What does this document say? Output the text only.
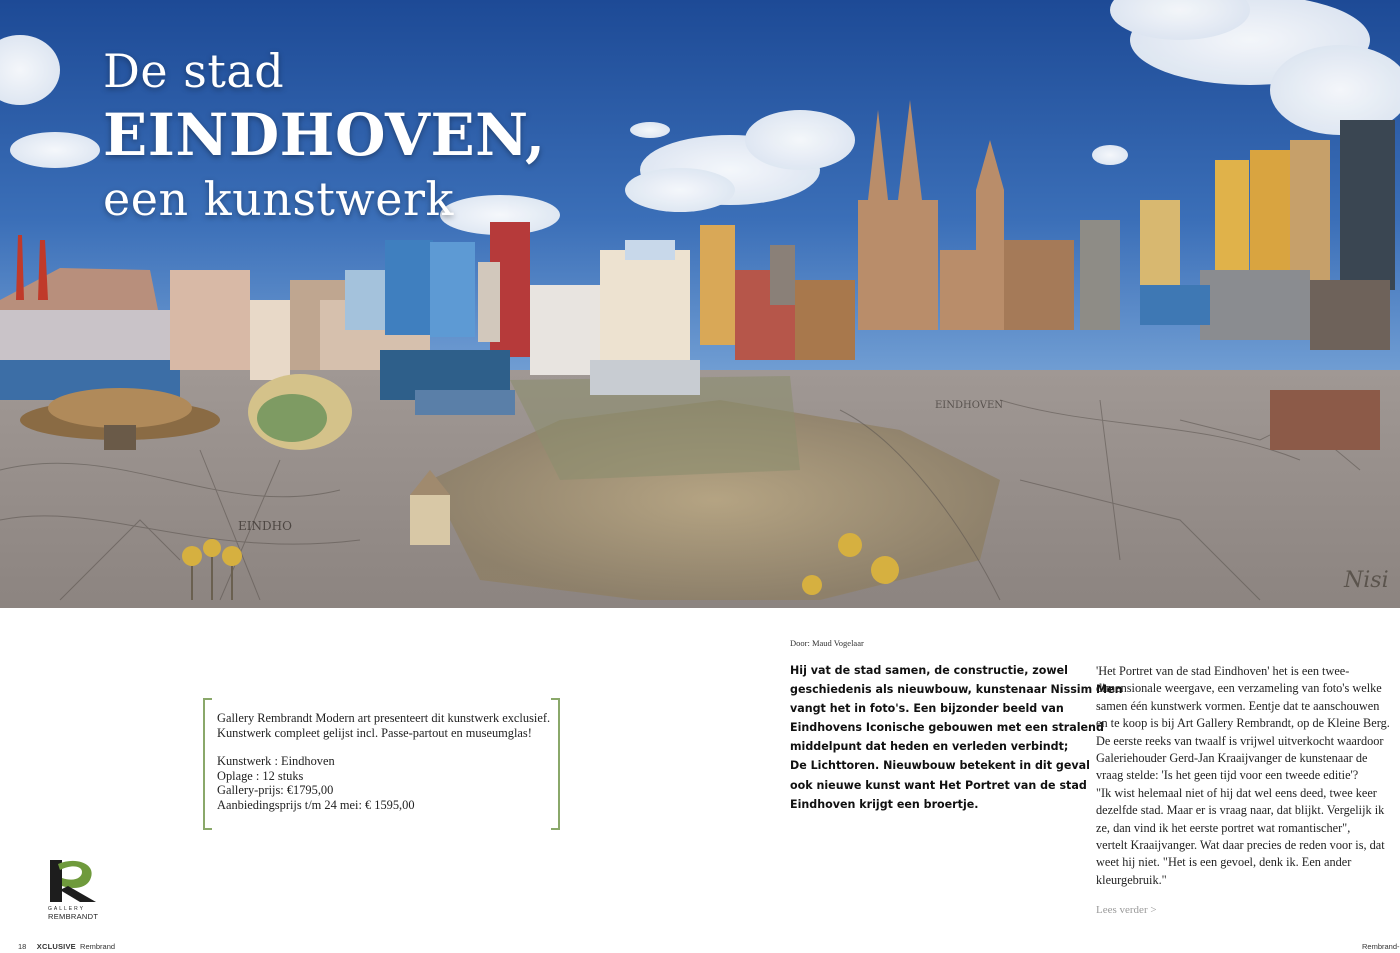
EINDHO
EINDHOVEN
De stad
EINDHOVEN,
een kunstwerk
Nisi

Gallery Rembrandt Modern art presenteert dit kunstwerk exclusief.

Kunstwerk compleet gelijst incl. Passe-partout en museumglas!

Kunstwerk : Eindhoven

Oplage : 12 stuks

Gallery-prijs: €1795,00

Aanbiedingsprijs t/m 24 mei: € 1595,00

GALLERY
REMBRANDT
18 XCLUSIVE Rembrand	Rembrand-
Door: Maud Vogelaar

Hij vat de stad samen, de constructie, zowel

geschiedenis als nieuwbouw, kunstenaar Nissim Men

vangt het in foto's. Een bijzonder beeld van

Eindhovens Iconische gebouwen met een stralend

middelpunt dat heden en verleden verbindt;

De Lichttoren. Nieuwbouw betekent in dit geval

ook nieuwe kunst want Het Portret van de stad

Eindhoven krijgt een broertje.

'Het Portret van de stad Eindhoven' het is een twee-

dimensionale weergave, een verzameling van foto's welke

samen één kunstwerk vormen. Eentje dat te aanschouwen

en te koop is bij Art Gallery Rembrandt, op de Kleine Berg.

De eerste reeks van twaalf is vrijwel uitverkocht waardoor

Galeriehouder Gerd-Jan Kraaijvanger de kunstenaar de

vraag stelde: 'Is het geen tijd voor een tweede editie'?

"Ik wist helemaal niet of hij dat wel eens deed, twee keer

dezelfde stad. Maar er is vraag naar, dat blijkt. Vergelijk ik

ze, dan vind ik het eerste portret wat romantischer",

vertelt Kraaijvanger. Wat daar precies de reden voor is, dat

weet hij niet. "Het is een gevoel, denk ik. Een ander

kleurgebruik."

Lees verder >
